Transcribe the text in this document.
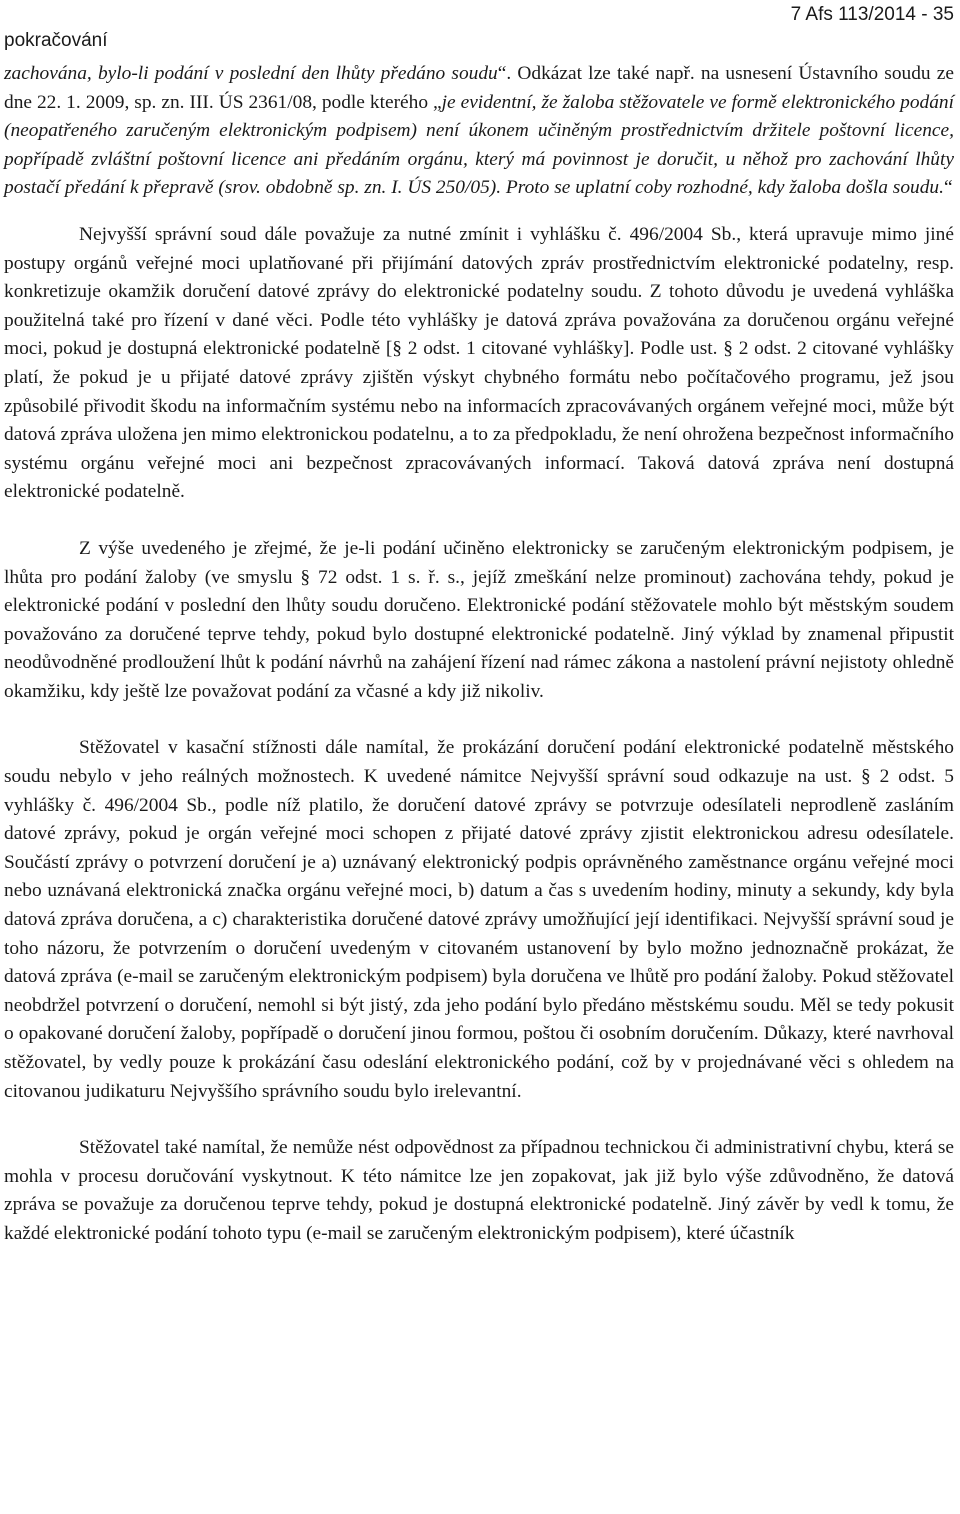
pokračování
7 Afs 113/2014 - 35

zachována, bylo-li podání v poslední den lhůty předáno soudu“. Odkázat lze také např. na usnesení Ústavního soudu ze dne 22. 1. 2009, sp. zn. III. ÚS 2361/08, podle kterého „je evidentní, že žaloba stěžovatele ve formě elektronického podání (neopatřeného zaručeným elektronickým podpisem) není úkonem učiněným prostřednictvím držitele poštovní licence, popřípadě zvláštní poštovní licence ani předáním orgánu, který má povinnost je doručit, u něhož pro zachování lhůty postačí předání k přepravě (srov. obdobně sp. zn. I. ÚS 250/05). Proto se uplatní coby rozhodné, kdy žaloba došla soudu.“

Nejvyšší správní soud dále považuje za nutné zmínit i vyhlášku č. 496/2004 Sb., která upravuje mimo jiné postupy orgánů veřejné moci uplatňované při přijímání datových zpráv prostřednictvím elektronické podatelny, resp. konkretizuje okamžik doručení datové zprávy do elektronické podatelny soudu. Z tohoto důvodu je uvedená vyhláška použitelná také pro řízení v dané věci. Podle této vyhlášky je datová zpráva považována za doručenou orgánu veřejné moci, pokud je dostupná elektronické podatelně [§ 2 odst. 1 citované vyhlášky]. Podle ust. § 2 odst. 2 citované vyhlášky platí, že pokud je u přijaté datové zprávy zjištěn výskyt chybného formátu nebo počítačového programu, jež jsou způsobilé přivodit škodu na informačním systému nebo na informacích zpracovávaných orgánem veřejné moci, může být datová zpráva uložena jen mimo elektronickou podatelnu, a to za předpokladu, že není ohrožena bezpečnost informačního systému orgánu veřejné moci ani bezpečnost zpracovávaných informací. Taková datová zpráva není dostupná elektronické podatelně.

Z výše uvedeného je zřejmé, že je-li podání učiněno elektronicky se zaručeným elektronickým podpisem, je lhůta pro podání žaloby (ve smyslu § 72 odst. 1 s. ř. s., jejíž zmeškání nelze prominout) zachována tehdy, pokud je elektronické podání v poslední den lhůty soudu doručeno. Elektronické podání stěžovatele mohlo být městským soudem považováno za doručené teprve tehdy, pokud bylo dostupné elektronické podatelně. Jiný výklad by znamenal připustit neodůvodněné prodloužení lhůt k podání návrhů na zahájení řízení nad rámec zákona a nastolení právní nejistoty ohledně okamžiku, kdy ještě lze považovat podání za včasné a kdy již nikoliv.

Stěžovatel v kasační stížnosti dále namítal, že prokázání doručení podání elektronické podatelně městského soudu nebylo v jeho reálných možnostech. K uvedené námitce Nejvyšší správní soud odkazuje na ust. § 2 odst. 5 vyhlášky č. 496/2004 Sb., podle níž platilo, že doručení datové zprávy se potvrzuje odesílateli neprodleně zasláním datové zprávy, pokud je orgán veřejné moci schopen z přijaté datové zprávy zjistit elektronickou adresu odesílatele. Součástí zprávy o potvrzení doručení je a) uznávaný elektronický podpis oprávněného zaměstnance orgánu veřejné moci nebo uznávaná elektronická značka orgánu veřejné moci, b) datum a čas s uvedením hodiny, minuty a sekundy, kdy byla datová zpráva doručena, a c) charakteristika doručené datové zprávy umožňující její identifikaci. Nejvyšší správní soud je toho názoru, že potvrzením o doručení uvedeným v citovaném ustanovení by bylo možno jednoznačně prokázat, že datová zpráva (e-mail se zaručeným elektronickým podpisem) byla doručena ve lhůtě pro podání žaloby. Pokud stěžovatel neobdržel potvrzení o doručení, nemohl si být jistý, zda jeho podání bylo předáno městskému soudu. Měl se tedy pokusit o opakované doručení žaloby, popřípadě o doručení jinou formou, poštou či osobním doručením. Důkazy, které navrhoval stěžovatel, by vedly pouze k prokázání času odeslání elektronického podání, což by v projednávané věci s ohledem na citovanou judikaturu Nejvyššího správního soudu bylo irelevantní.

Stěžovatel také namítal, že nemůže nést odpovědnost za případnou technickou či administrativní chybu, která se mohla v procesu doručování vyskytnout. K této námitce lze jen zopakovat, jak již bylo výše zdůvodněno, že datová zpráva se považuje za doručenou teprve tehdy, pokud je dostupná elektronické podatelně. Jiný závěr by vedl k tomu, že každé elektronické podání tohoto typu (e-mail se zaručeným elektronickým podpisem), které účastník
